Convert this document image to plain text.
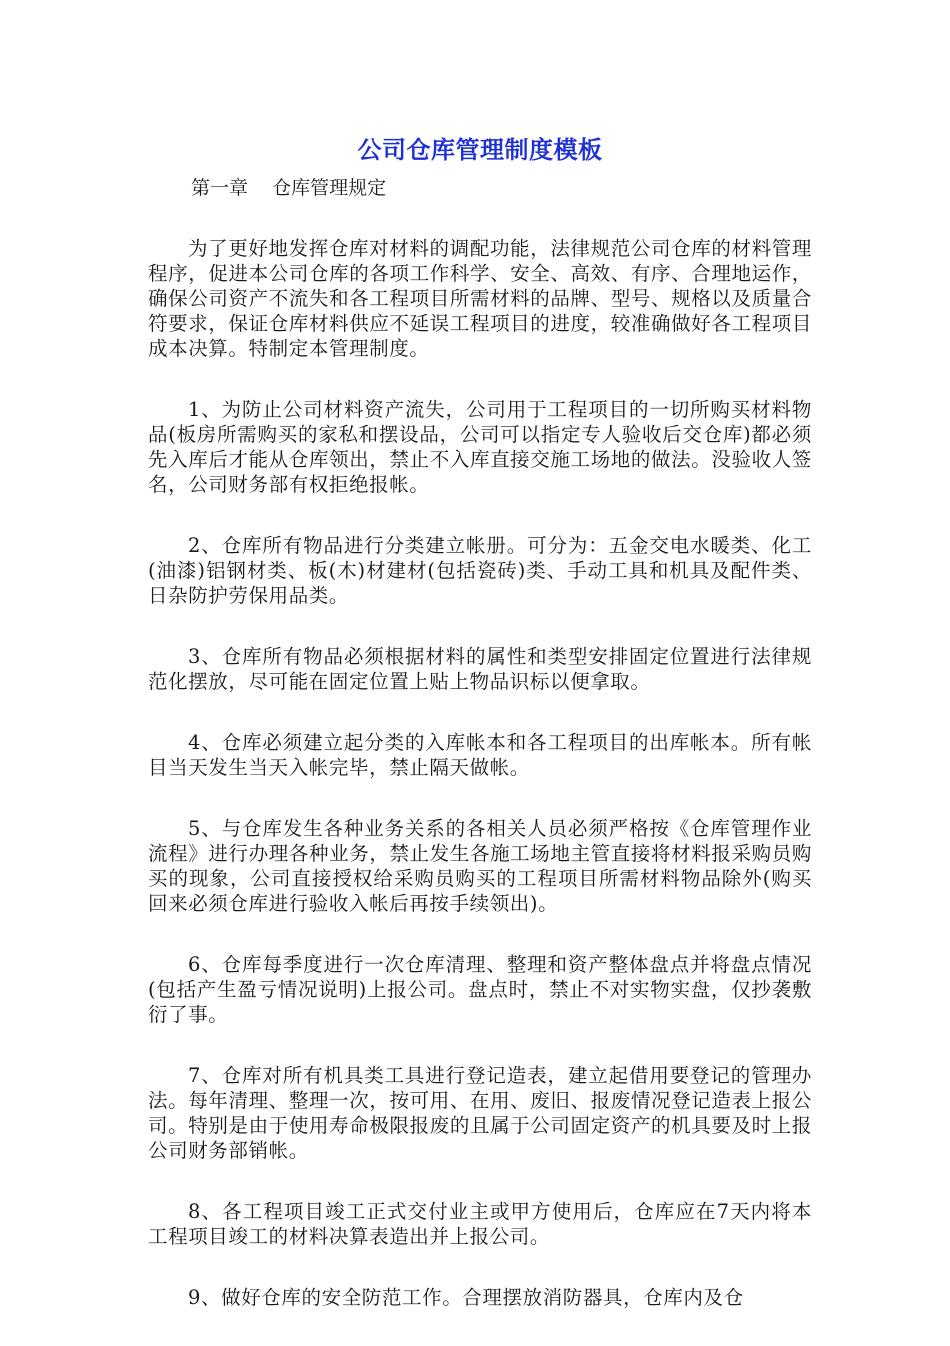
公司仓库管理制度模板
第一章    仓库管理规定

为了更好地发挥仓库对材料的调配功能，法律规范公司仓库的材料管理程序，促进本公司仓库的各项工作科学、安全、高效、有序、合理地运作，确保公司资产不流失和各工程项目所需材料的品牌、型号、规格以及质量合符要求，保证仓库材料供应不延误工程项目的进度，较准确做好各工程项目成本决算。特制定本管理制度。

1、为防止公司材料资产流失，公司用于工程项目的一切所购买材料物品(板房所需购买的家私和摆设品，公司可以指定专人验收后交仓库)都必须先入库后才能从仓库领出，禁止不入库直接交施工场地的做法。没验收人签名，公司财务部有权拒绝报帐。

2、仓库所有物品进行分类建立帐册。可分为：五金交电水暖类、化工(油漆)铝钢材类、板(木)材建材(包括瓷砖)类、手动工具和机具及配件类、日杂防护劳保用品类。

3、仓库所有物品必须根据材料的属性和类型安排固定位置进行法律规范化摆放，尽可能在固定位置上贴上物品识标以便拿取。

4、仓库必须建立起分类的入库帐本和各工程项目的出库帐本。所有帐目当天发生当天入帐完毕，禁止隔天做帐。

5、与仓库发生各种业务关系的各相关人员必须严格按《仓库管理作业流程》进行办理各种业务，禁止发生各施工场地主管直接将材料报采购员购买的现象，公司直接授权给采购员购买的工程项目所需材料物品除外(购买回来必须仓库进行验收入帐后再按手续领出)。

6、仓库每季度进行一次仓库清理、整理和资产整体盘点并将盘点情况(包括产生盈亏情况说明)上报公司。盘点时，禁止不对实物实盘，仅抄袭敷衍了事。

7、仓库对所有机具类工具进行登记造表，建立起借用要登记的管理办法。每年清理、整理一次，按可用、在用、废旧、报废情况登记造表上报公司。特别是由于使用寿命极限报废的且属于公司固定资产的机具要及时上报公司财务部销帐。

8、各工程项目竣工正式交付业主或甲方使用后，仓库应在7天内将本工程项目竣工的材料决算表造出并上报公司。

9、做好仓库的安全防范工作。合理摆放消防器具，仓库内及仓
